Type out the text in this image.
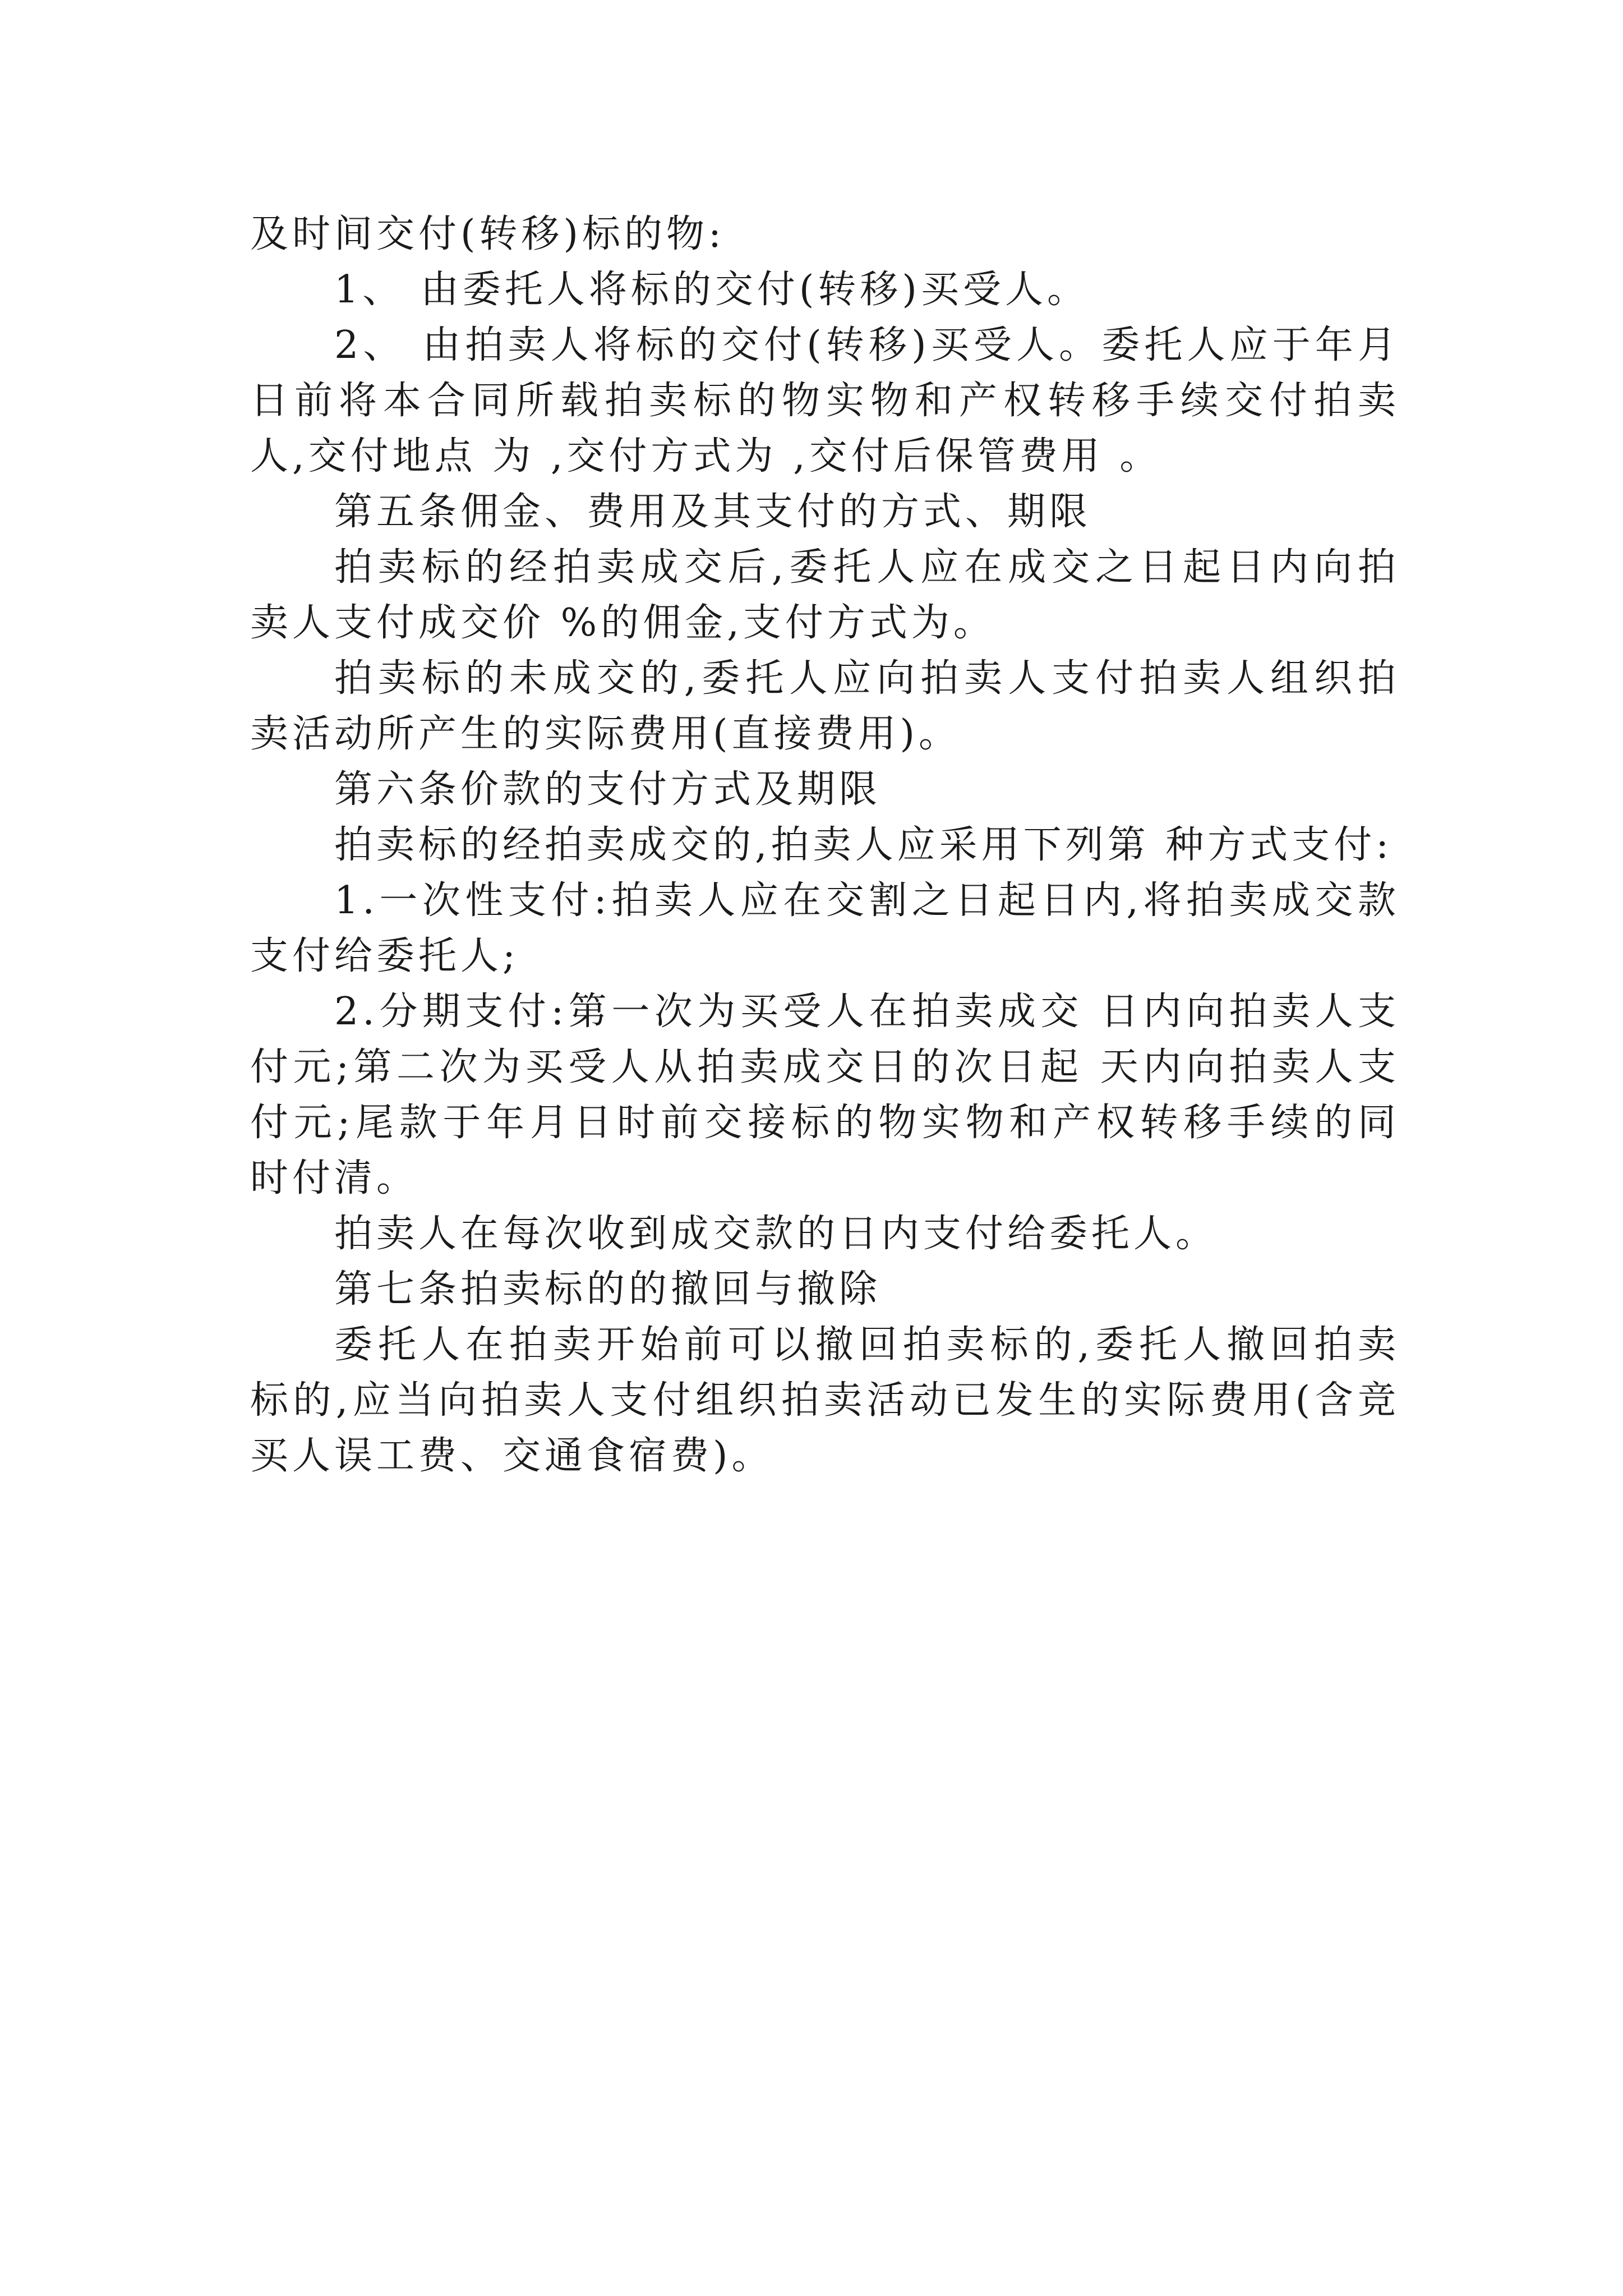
及时间交付(转移)标的物:

1、 由委托人将标的交付(转移)买受人。

2、 由拍卖人将标的交付(转移)买受人。委托人应于年月日前将本合同所载拍卖标的物实物和产权转移手续交付拍卖人,交付地点 为 ,交付方式为 ,交付后保管费用 。

第五条佣金、费用及其支付的方式、期限

拍卖标的经拍卖成交后,委托人应在成交之日起日内向拍卖人支付成交价 %的佣金,支付方式为。

拍卖标的未成交的,委托人应向拍卖人支付拍卖人组织拍卖活动所产生的实际费用(直接费用)。

第六条价款的支付方式及期限

拍卖标的经拍卖成交的,拍卖人应采用下列第 种方式支付:

1.一次性支付:拍卖人应在交割之日起日内,将拍卖成交款支付给委托人;

2.分期支付:第一次为买受人在拍卖成交 日内向拍卖人支付元;第二次为买受人从拍卖成交日的次日起 天内向拍卖人支付元;尾款于年月日时前交接标的物实物和产权转移手续的同时付清。

拍卖人在每次收到成交款的日内支付给委托人。

第七条拍卖标的的撤回与撤除

委托人在拍卖开始前可以撤回拍卖标的,委托人撤回拍卖标的,应当向拍卖人支付组织拍卖活动已发生的实际费用(含竞买人误工费、交通食宿费)。
